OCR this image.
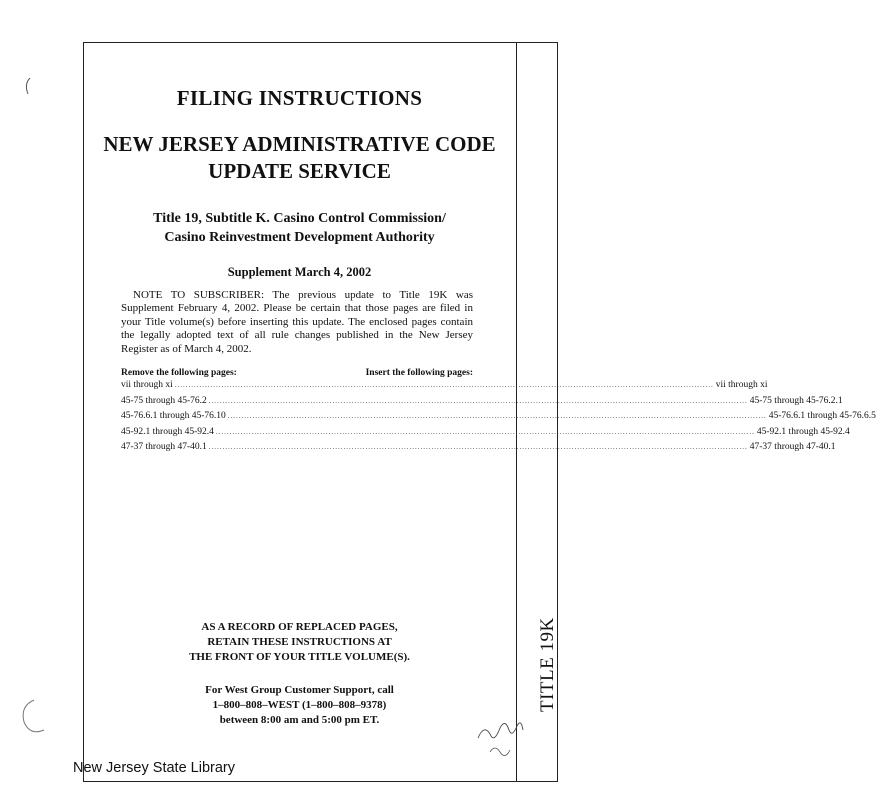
TITLE 19K
FILING INSTRUCTIONS
NEW JERSEY ADMINISTRATIVE CODE
UPDATE SERVICE
Title 19, Subtitle K. Casino Control Commission/
Casino Reinvestment Development Authority
Supplement March 4, 2002
NOTE TO SUBSCRIBER: The previous update to Title 19K was Supplement February 4, 2002. Please be certain that those pages are filed in your Title volume(s) before inserting this update. The enclosed pages contain the legally adopted text of all rule changes published in the New Jersey Register as of March 4, 2002.
Remove the following pages:	Insert the following pages:
vii through xi .................................................................................................................................................................................................... vii through xi
45-75 through 45-76.2 .................................................................................................................................................................................................... 45-75 through 45-76.2.1
45-76.6.1 through 45-76.10 .................................................................................................................................................................................................... 45-76.6.1 through 45-76.6.5
45-92.1 through 45-92.4 .................................................................................................................................................................................................... 45-92.1 through 45-92.4
47-37 through 47-40.1 .................................................................................................................................................................................................... 47-37 through 47-40.1
AS A RECORD OF REPLACED PAGES,
RETAIN THESE INSTRUCTIONS AT
THE FRONT OF YOUR TITLE VOLUME(S).
For West Group Customer Support, call
1–800–808–WEST (1–800–808–9378)
between 8:00 am and 5:00 pm ET.
New Jersey State Library
